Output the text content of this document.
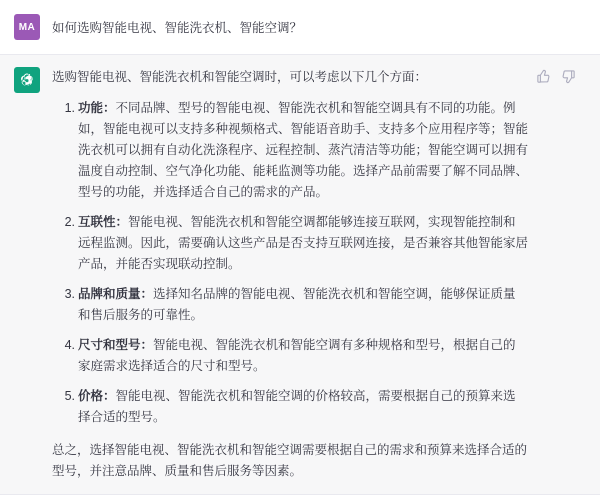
MA 如何选购智能电视、智能洗衣机、智能空调？

选购智能电视、智能洗衣机和智能空调时，可以考虑以下几个方面：

功能：不同品牌、型号的智能电视、智能洗衣机和智能空调具有不同的功能。例如，智能电视可以支持多种视频格式、智能语音助手、支持多个应用程序等；智能洗衣机可以拥有自动化洗涤程序、远程控制、蒸汽清洁等功能；智能空调可以拥有温度自动控制、空气净化功能、能耗监测等功能。选择产品前需要了解不同品牌、型号的功能，并选择适合自己的需求的产品。
互联性：智能电视、智能洗衣机和智能空调都能够连接互联网，实现智能控制和远程监测。因此，需要确认这些产品是否支持互联网连接，是否兼容其他智能家居产品，并能否实现联动控制。
品牌和质量：选择知名品牌的智能电视、智能洗衣机和智能空调，能够保证质量和售后服务的可靠性。
尺寸和型号：智能电视、智能洗衣机和智能空调有多种规格和型号，根据自己的家庭需求选择适合的尺寸和型号。
价格：智能电视、智能洗衣机和智能空调的价格较高，需要根据自己的预算来选择合适的型号。

总之，选择智能电视、智能洗衣机和智能空调需要根据自己的需求和预算来选择合适的型号，并注意品牌、质量和售后服务等因素。
